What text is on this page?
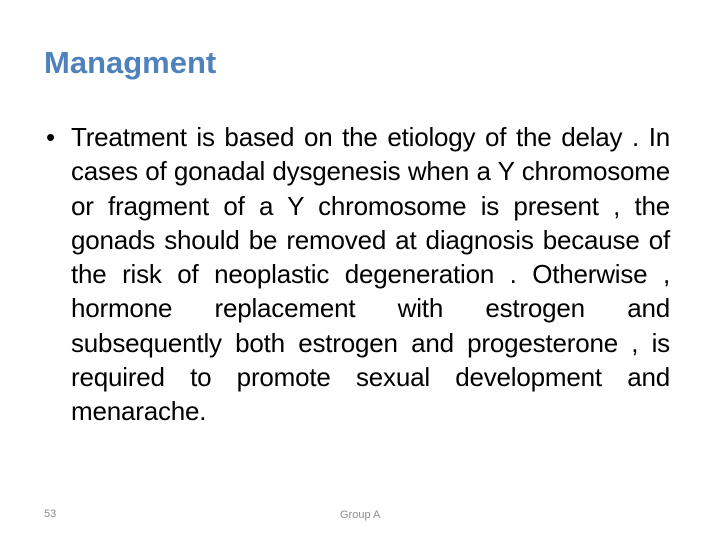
Managment
• Treatment is based on the etiology of the delay . In cases of gonadal dysgenesis when a Y chromosome or fragment of a Y chromosome is present , the gonads should be removed at diagnosis because of the risk of neoplastic degeneration . Otherwise , hormone replacement with estrogen and subsequently both estrogen and progesterone , is required to promote sexual development and menarache.

53	Group A
